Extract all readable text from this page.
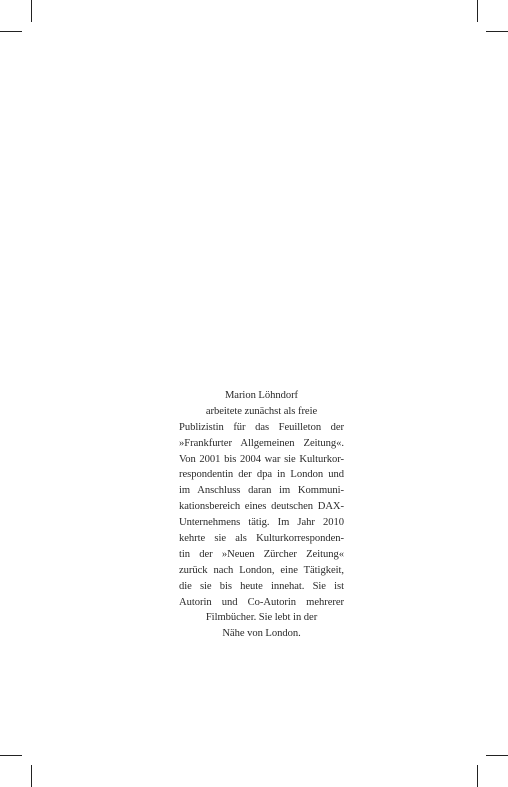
Marion Löhndorf
arbeitete zunächst als freie
Publizistin für das Feuilleton der
»Frankfurter Allgemeinen Zeitung«.
Von 2001 bis 2004 war sie Kulturkor-
respondentin der dpa in London und
im Anschluss daran im Kommuni-
kationsbereich eines deutschen DAX-
Unternehmens tätig. Im Jahr 2010
kehrte sie als Kulturkorresponden-
tin der »Neuen Zürcher Zeitung«
zurück nach London, eine Tätigkeit,
die sie bis heute innehat. Sie ist
Autorin und Co-Autorin mehrerer
Filmbücher. Sie lebt in der
Nähe von London.
